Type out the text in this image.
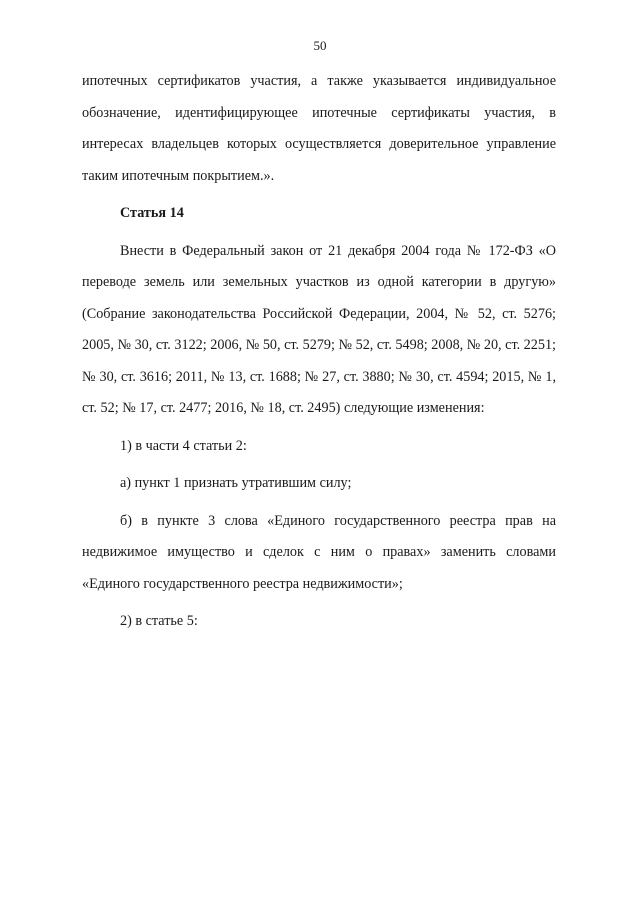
50

ипотечных сертификатов участия, а также указывается индивидуальное обозначение, идентифицирующее ипотечные сертификаты участия, в интересах владельцев которых осуществляется доверительное управление таким ипотечным покрытием.».

Статья 14

Внести в Федеральный закон от 21 декабря 2004 года № 172-ФЗ «О переводе земель или земельных участков из одной категории в другую» (Собрание законодательства Российской Федерации, 2004, № 52, ст. 5276; 2005, № 30, ст. 3122; 2006, № 50, ст. 5279; № 52, ст. 5498; 2008, № 20, ст. 2251; № 30, ст. 3616; 2011, № 13, ст. 1688; № 27, ст. 3880; № 30, ст. 4594; 2015, № 1, ст. 52; № 17, ст. 2477; 2016, № 18, ст. 2495) следующие изменения:

1) в части 4 статьи 2:

а) пункт 1 признать утратившим силу;

б) в пункте 3 слова «Единого государственного реестра прав на недвижимое имущество и сделок с ним о правах» заменить словами «Единого государственного реестра недвижимости»;

2) в статье 5:
